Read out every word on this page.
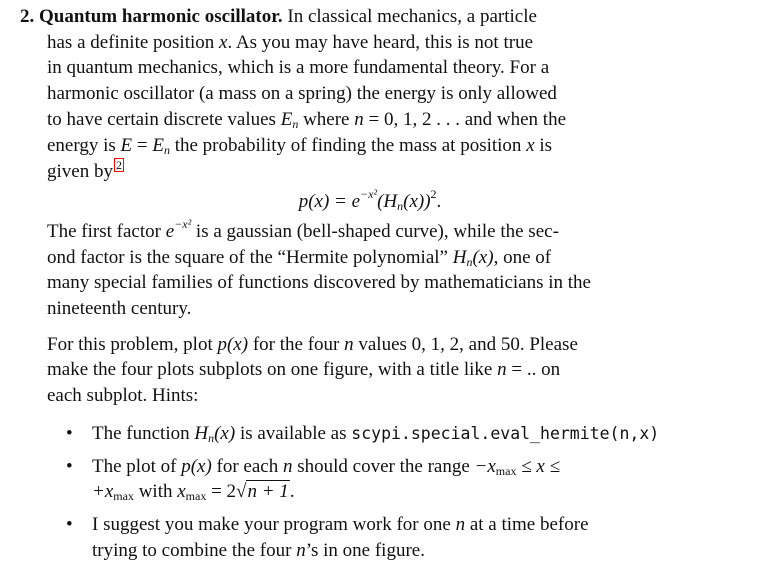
2. Quantum harmonic oscillator. In classical mechanics, a particle
has a definite position x. As you may have heard, this is not true
in quantum mechanics, which is a more fundamental theory. For a
harmonic oscillator (a mass on a spring) the energy is only allowed
to have certain discrete values $E_n$ where n = 0, 1, 2 . . . and when the
energy is $E = E_n$ the probability of finding the mass at position x is
given by 2

$p(x) = e^{-x^2}(H_n(x))^2$.

The first factor $e^{-x^2}$ is a gaussian (bell-shaped curve), while the sec-
ond factor is the square of the “Hermite polynomial” $H_n(x)$, one of
many special families of functions discovered by mathematicians in the
nineteenth century.

For this problem, plot p(x) for the four n values 0, 1, 2, and 50. Please
make the four plots subplots on one figure, with a title like n = .. on
each subplot. Hints:

• The function $H_n(x)$ is available as scypi.special.eval_hermite(n,x)
• The plot of p(x) for each n should cover the range $-x_{max} \le x$ ≤
$+x_{max}$ with $x_{max} = 2√n + 1$.
• I suggest you make your program work for one n at a time before
trying to combine the four n’s in one figure.
